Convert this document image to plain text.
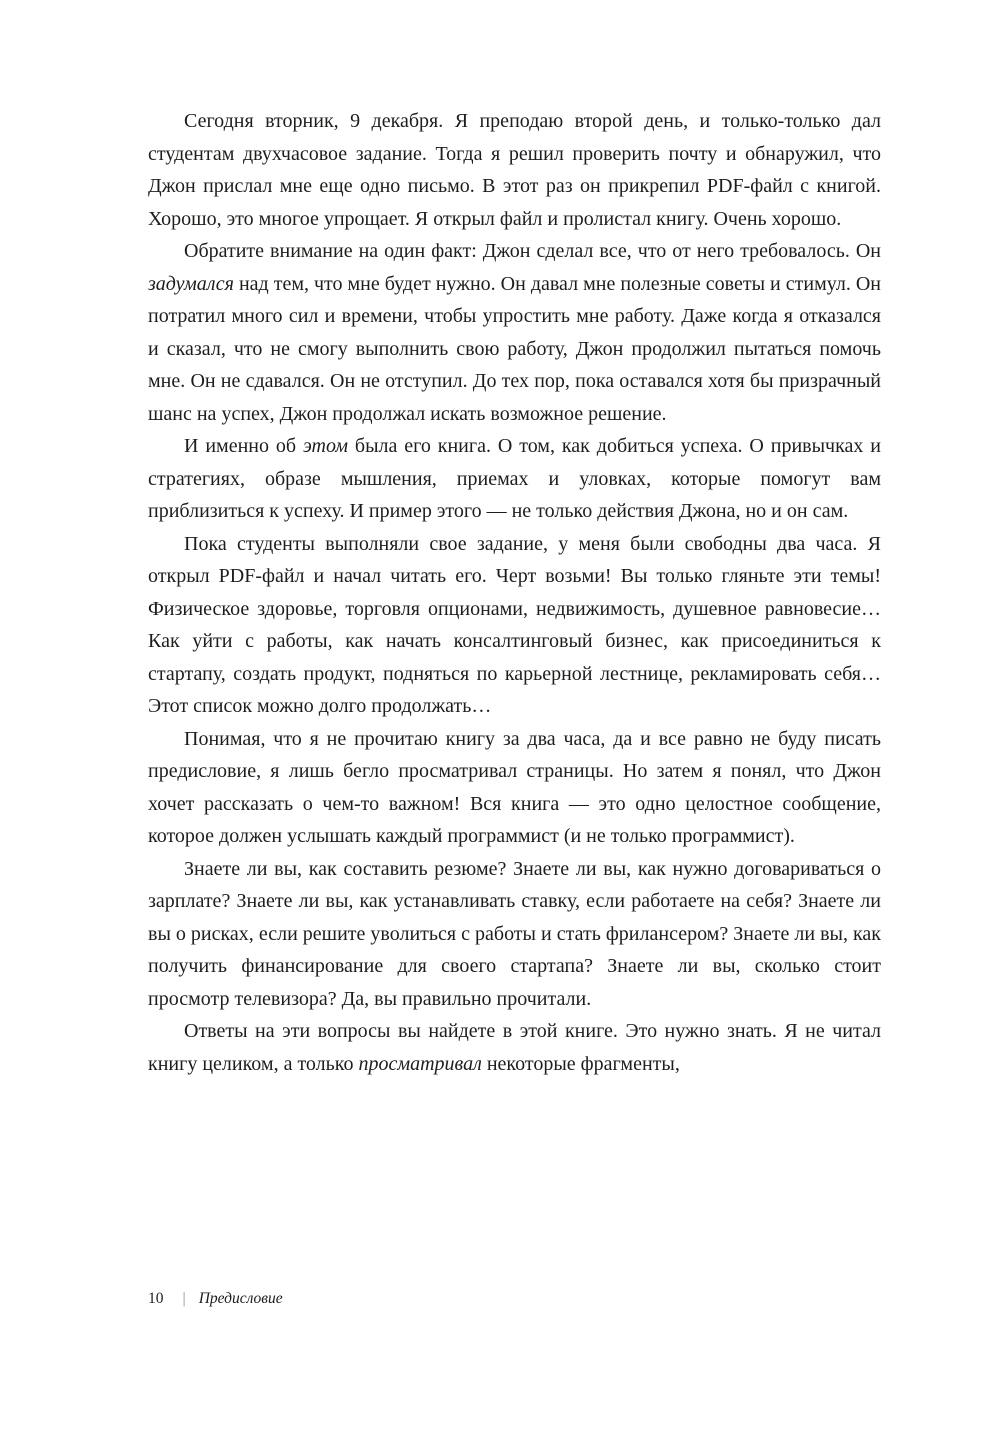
Сегодня вторник, 9 декабря. Я преподаю второй день, и только-только дал студентам двухчасовое задание. Тогда я решил проверить почту и обнаружил, что Джон прислал мне еще одно письмо. В этот раз он прикрепил PDF-файл с книгой. Хорошо, это многое упрощает. Я открыл файл и пролистал книгу. Очень хорошо.

Обратите внимание на один факт: Джон сделал все, что от него требовалось. Он задумался над тем, что мне будет нужно. Он давал мне полезные советы и стимул. Он потратил много сил и времени, чтобы упростить мне работу. Даже когда я отказался и сказал, что не смогу выполнить свою работу, Джон продолжил пытаться помочь мне. Он не сдавался. Он не отступил. До тех пор, пока оставался хотя бы призрачный шанс на успех, Джон продолжал искать возможное решение.

И именно об этом была его книга. О том, как добиться успеха. О привычках и стратегиях, образе мышления, приемах и уловках, которые помогут вам приблизиться к успеху. И пример этого — не только действия Джона, но и он сам.

Пока студенты выполняли свое задание, у меня были свободны два часа. Я открыл PDF-файл и начал читать его. Черт возьми! Вы только гляньте эти темы! Физическое здоровье, торговля опционами, недвижимость, душевное равновесие… Как уйти с работы, как начать консалтинговый бизнес, как присоединиться к стартапу, создать продукт, подняться по карьерной лестнице, рекламировать себя… Этот список можно долго продолжать…

Понимая, что я не прочитаю книгу за два часа, да и все равно не буду писать предисловие, я лишь бегло просматривал страницы. Но затем я понял, что Джон хочет рассказать о чем-то важном! Вся книга — это одно целостное сообщение, которое должен услышать каждый программист (и не только программист).

Знаете ли вы, как составить резюме? Знаете ли вы, как нужно договариваться о зарплате? Знаете ли вы, как устанавливать ставку, если работаете на себя? Знаете ли вы о рисках, если решите уволиться с работы и стать фрилансером? Знаете ли вы, как получить финансирование для своего стартапа? Знаете ли вы, сколько стоит просмотр телевизора? Да, вы правильно прочитали.

Ответы на эти вопросы вы найдете в этой книге. Это нужно знать. Я не читал книгу целиком, а только просматривал некоторые фрагменты,

10 | Предисловие
